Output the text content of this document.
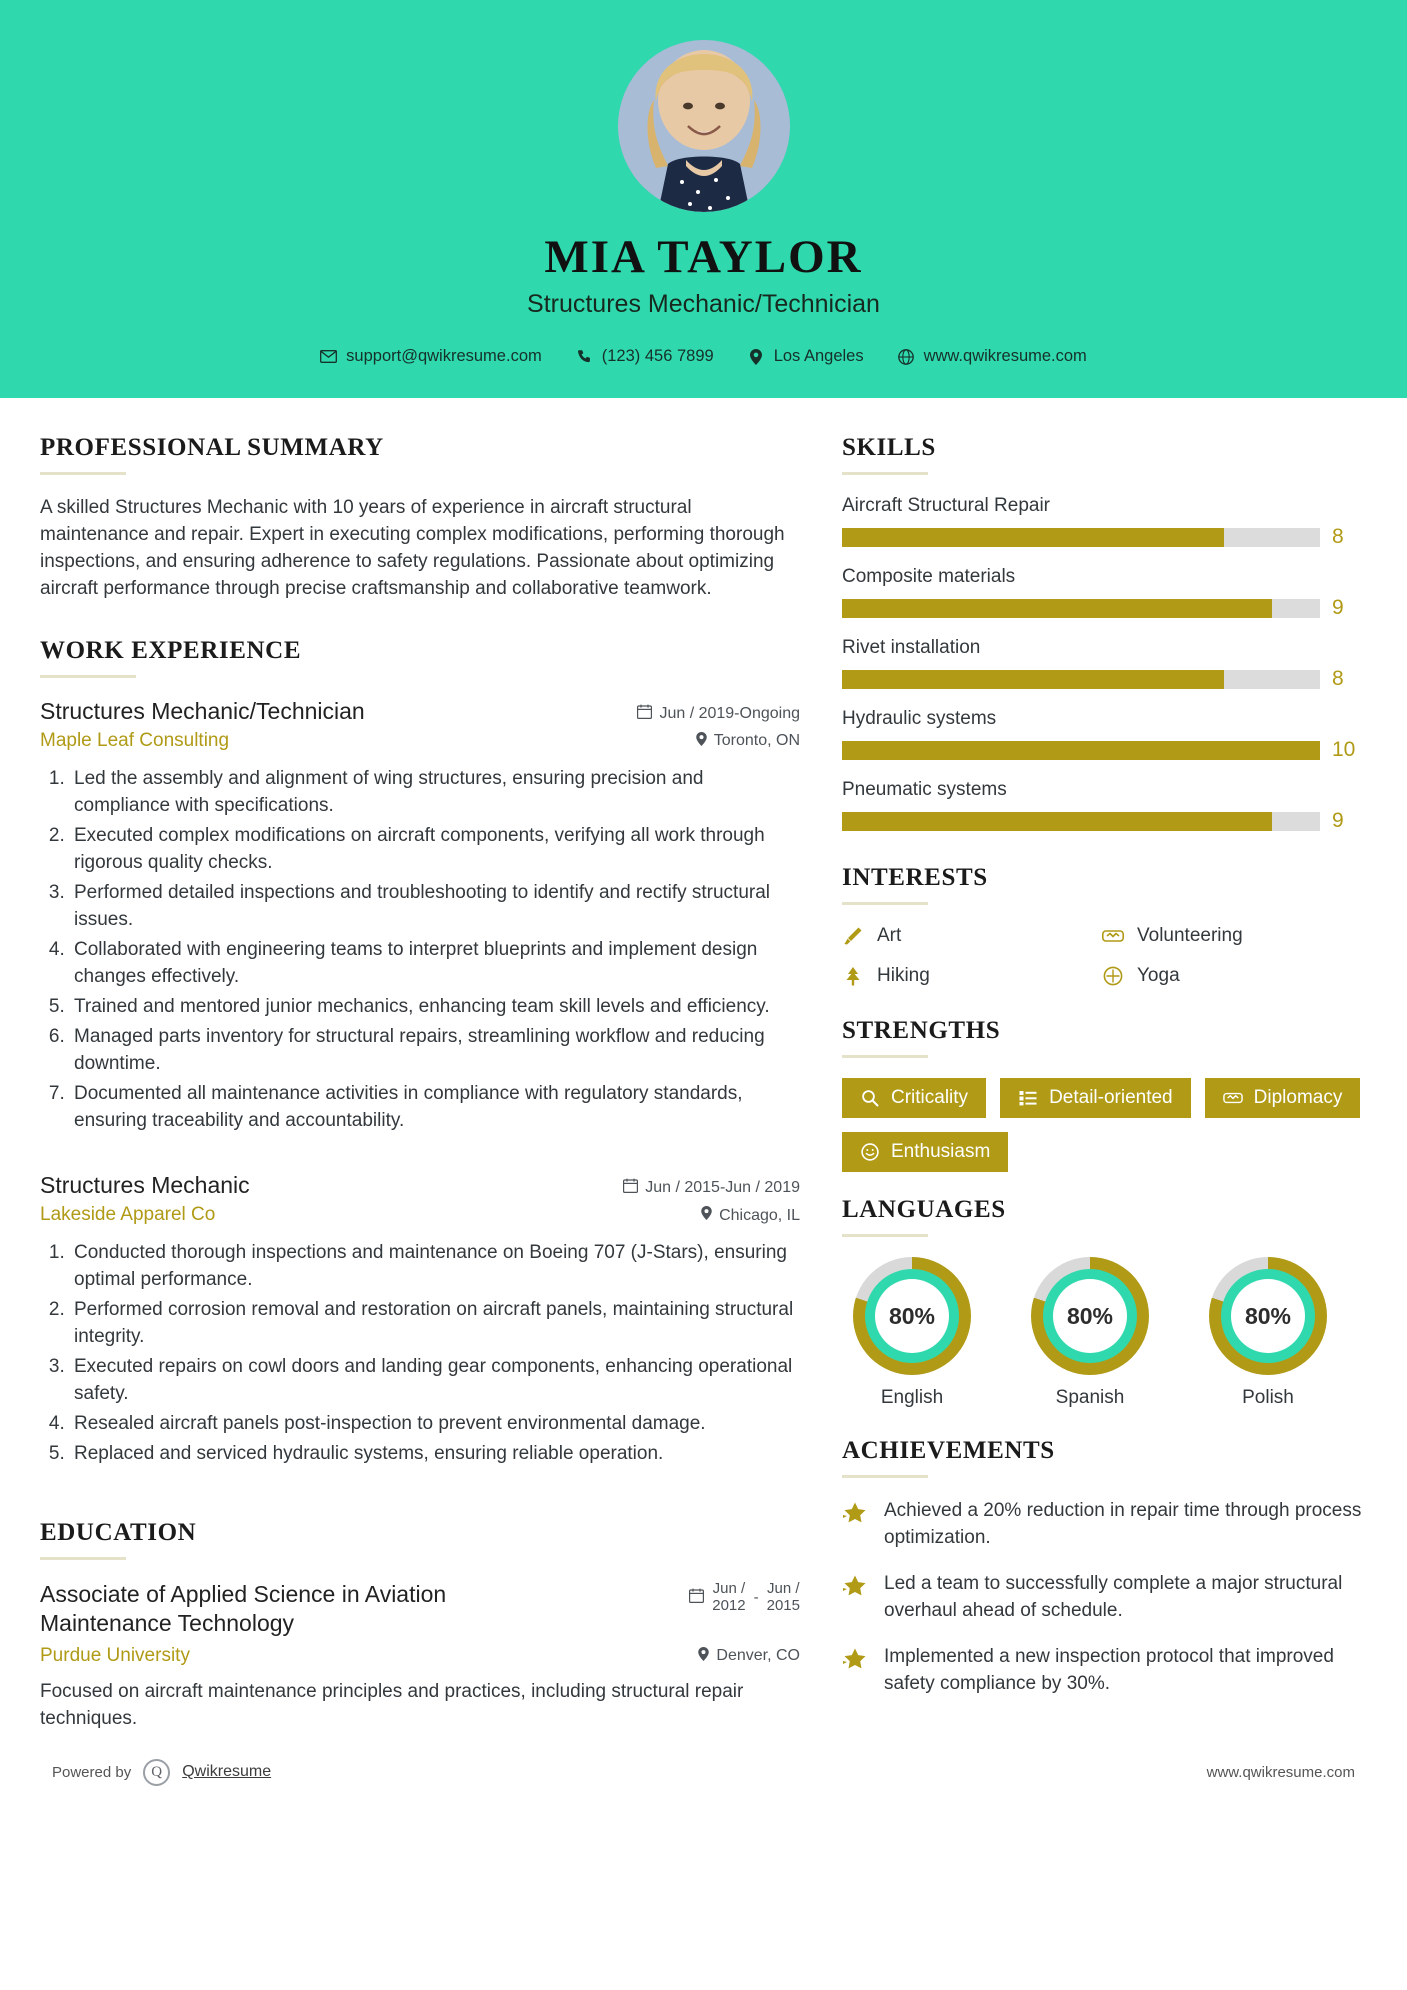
MIA TAYLOR
Structures Mechanic/Technician
support@qwikresume.com	(123) 456 7899	Los Angeles	www.qwikresume.com
PROFESSIONAL SUMMARY

A skilled Structures Mechanic with 10 years of experience in aircraft structural maintenance and repair. Expert in executing complex modifications, performing thorough inspections, and ensuring adherence to safety regulations. Passionate about optimizing aircraft performance through precise craftsmanship and collaborative teamwork.

WORK EXPERIENCE
Structures Mechanic/Technician	Jun / 2019-Ongoing
Maple Leaf Consulting	Toronto, ON
1. Led the assembly and alignment of wing structures, ensuring precision and compliance with specifications.
2. Executed complex modifications on aircraft components, verifying all work through rigorous quality checks.
3. Performed detailed inspections and troubleshooting to identify and rectify structural issues.
4. Collaborated with engineering teams to interpret blueprints and implement design changes effectively.
5. Trained and mentored junior mechanics, enhancing team skill levels and efficiency.
6. Managed parts inventory for structural repairs, streamlining workflow and reducing downtime.
7. Documented all maintenance activities in compliance with regulatory standards, ensuring traceability and accountability.
Structures Mechanic	Jun / 2015-Jun / 2019
Lakeside Apparel Co	Chicago, IL
1. Conducted thorough inspections and maintenance on Boeing 707 (J-Stars), ensuring optimal performance.
2. Performed corrosion removal and restoration on aircraft panels, maintaining structural integrity.
3. Executed repairs on cowl doors and landing gear components, enhancing operational safety.
4. Resealed aircraft panels post-inspection to prevent environmental damage.
5. Replaced and serviced hydraulic systems, ensuring reliable operation.
EDUCATION
Associate of Applied Science in Aviation Maintenance Technology
Jun /
2012 -
Jun /
2015
Purdue University	Denver, CO
Focused on aircraft maintenance principles and practices, including structural repair techniques.
SKILLS
Aircraft Structural Repair
8
Composite materials
9
Rivet installation
8
Hydraulic systems
10
Pneumatic systems
9
INTERESTS
Art	Volunteering
Hiking	Yoga
STRENGTHS
Criticality	Detail-oriented	Diplomacy
Enthusiasm
LANGUAGES
80%
English
80%
Spanish
80%
Polish
ACHIEVEMENTS
Achieved a 20% reduction in repair time through process optimization.
Led a team to successfully complete a major structural overhaul ahead of schedule.
Implemented a new inspection protocol that improved safety compliance by 30%.
Powered by	Q	Qwikresume	www.qwikresume.com
